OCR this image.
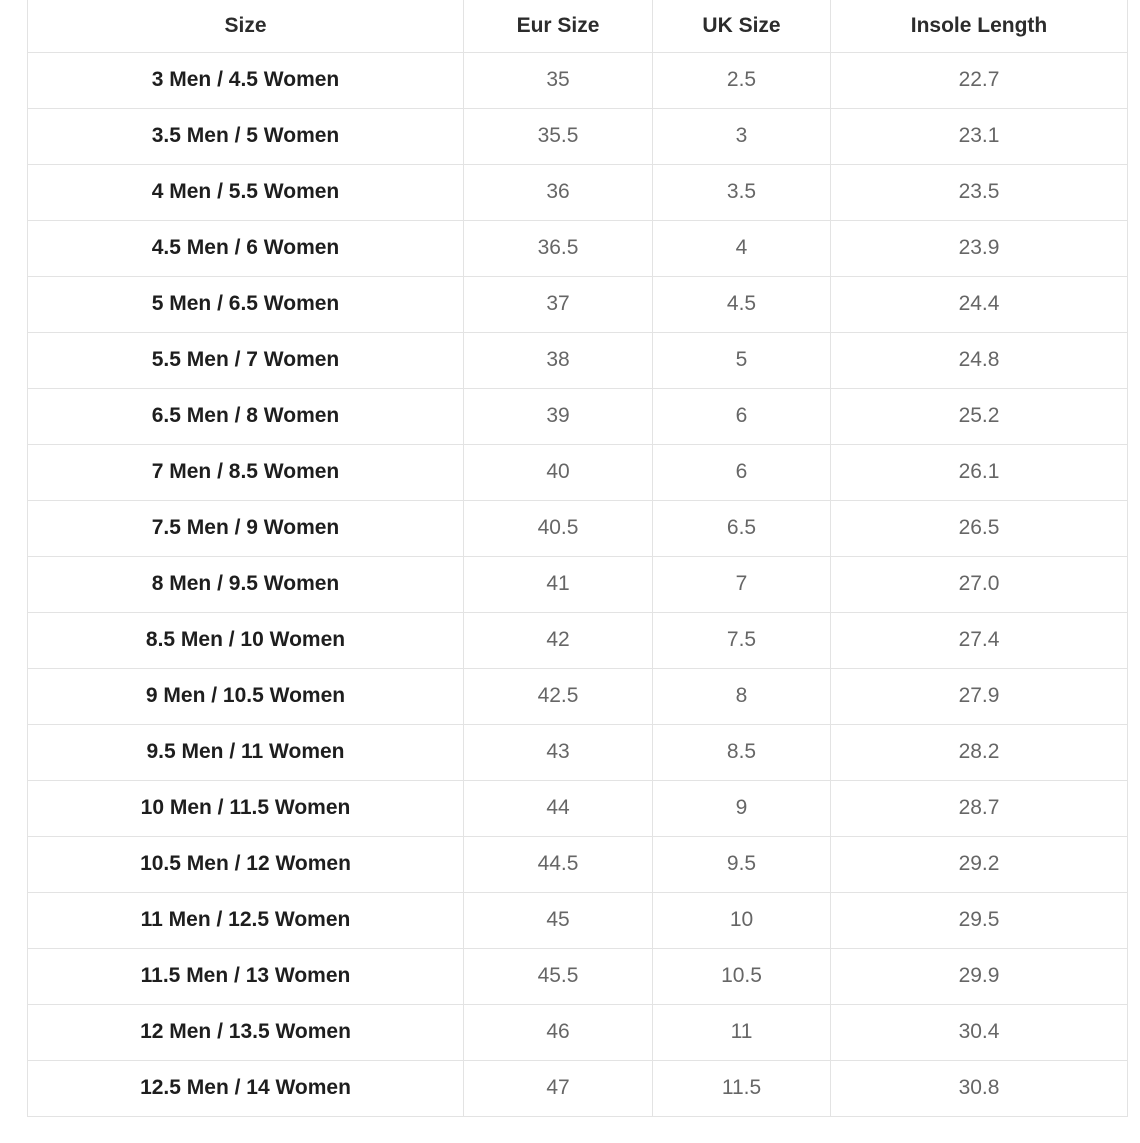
Size	Eur Size	UK Size	Insole Length
3 Men / 4.5 Women	35	2.5	22.7
3.5 Men / 5 Women	35.5	3	23.1
4 Men / 5.5 Women	36	3.5	23.5
4.5 Men / 6 Women	36.5	4	23.9
5 Men / 6.5 Women	37	4.5	24.4
5.5 Men / 7 Women	38	5	24.8
6.5 Men / 8 Women	39	6	25.2
7 Men / 8.5 Women	40	6	26.1
7.5 Men / 9 Women	40.5	6.5	26.5
8 Men / 9.5 Women	41	7	27.0
8.5 Men / 10 Women	42	7.5	27.4
9 Men / 10.5 Women	42.5	8	27.9
9.5 Men / 11 Women	43	8.5	28.2
10 Men / 11.5 Women	44	9	28.7
10.5 Men / 12 Women	44.5	9.5	29.2
11 Men / 12.5 Women	45	10	29.5
11.5 Men / 13 Women	45.5	10.5	29.9
12 Men / 13.5 Women	46	11	30.4
12.5 Men / 14 Women	47	11.5	30.8
